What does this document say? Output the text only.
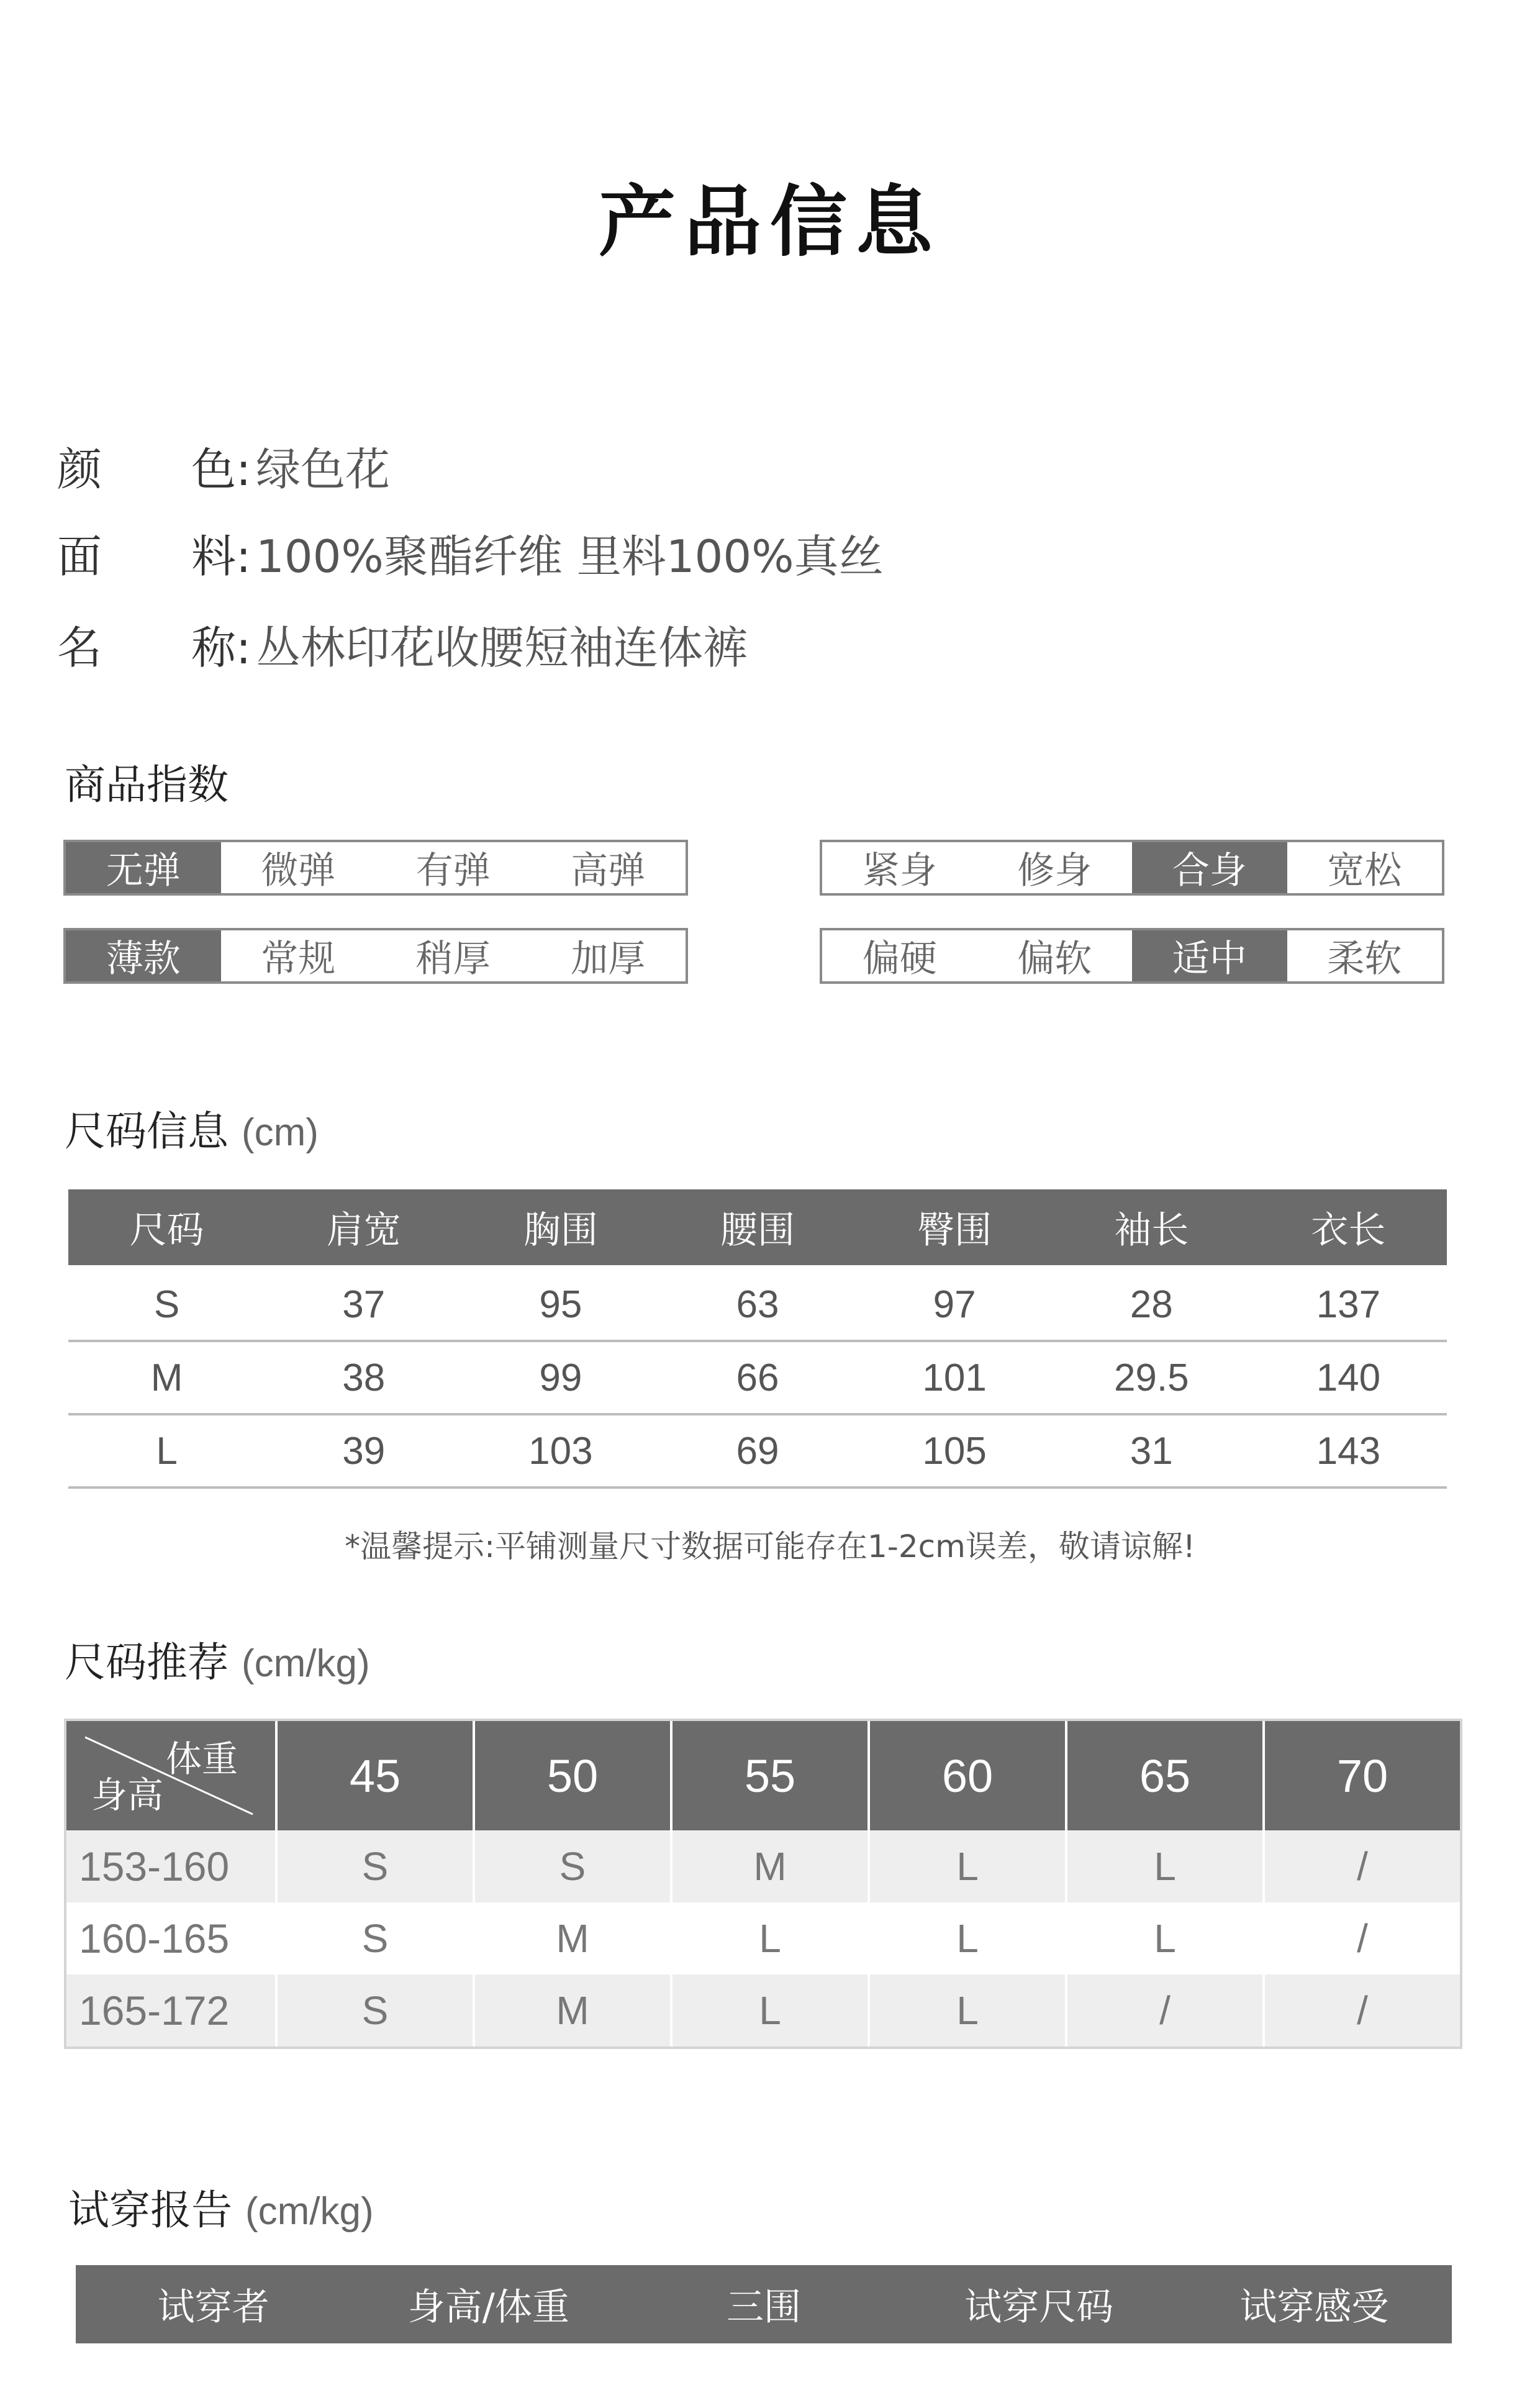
产品信息
颜　　色: 绿色花
面　　料: 100%聚酯纤维 里料100%真丝
名　　称: 丛林印花收腰短袖连体裤
商品指数
无弹	微弹	有弹	高弹	紧身	修身	合身	宽松
薄款	常规	稍厚	加厚	偏硬	偏软	适中	柔软
尺码信息 (cm)
尺码	肩宽	胸围	腰围	臀围	袖长	衣长
S	37	95	63	97	28	137
M	38	99	66	101	29.5	140
L	39	103	69	105	31	143
*温馨提示:平铺测量尺寸数据可能存在1-2cm误差，敬请谅解!
尺码推荐 (cm/kg)
体重
身高	45	50	55	60	65	70
153-160	S	S	M	L	L	/
160-165	S	M	L	L	L	/
165-172	S	M	L	L	/	/
试穿报告 (cm/kg)
试穿者	身高/体重	三围	试穿尺码	试穿感受
